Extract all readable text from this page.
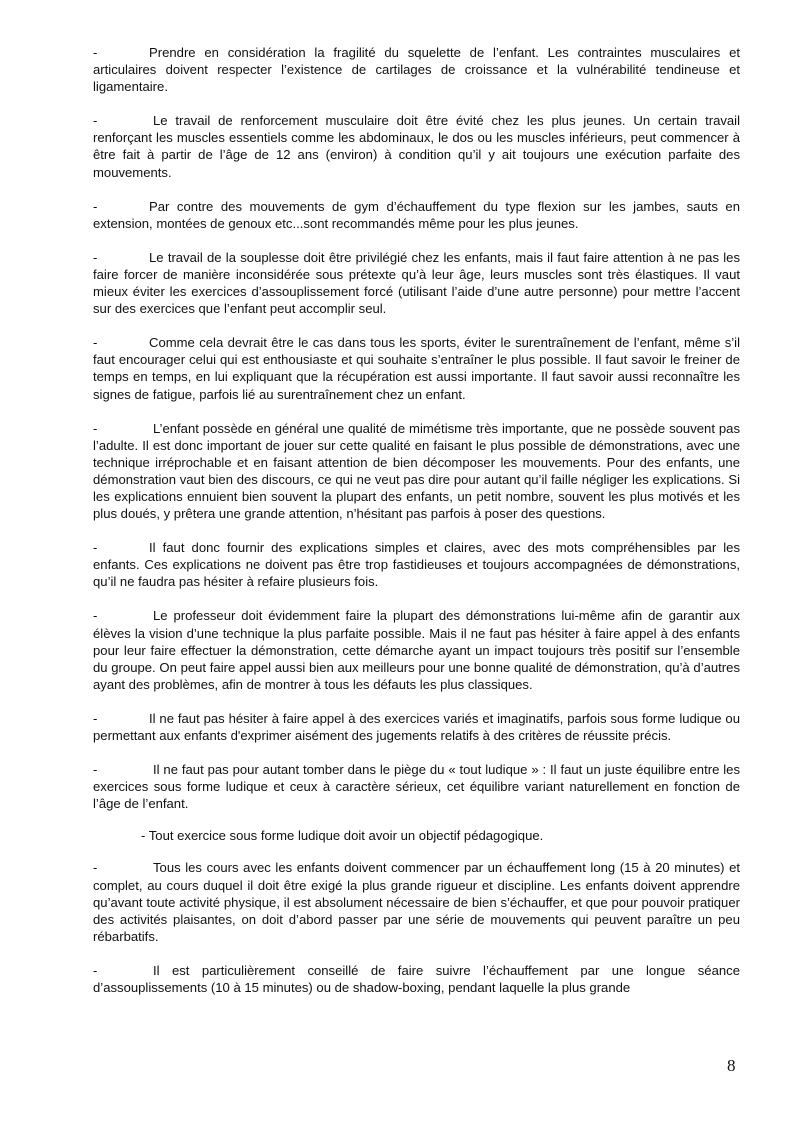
-	Prendre en considération la fragilité du squelette de l’enfant. Les contraintes musculaires et articulaires doivent respecter l’existence de cartilages de croissance et la vulnérabilité tendineuse et ligamentaire.

-	Le travail de renforcement musculaire doit être évité chez les plus jeunes. Un certain travail renforçant les muscles essentiels comme les abdominaux, le dos ou les muscles inférieurs, peut commencer à être fait à partir de l’âge de 12 ans (environ) à condition qu’il y ait toujours une exécution parfaite des mouvements.

-	Par contre des mouvements de gym d’échauffement du type flexion sur les jambes, sauts en extension, montées de genoux etc...sont recommandés même pour les plus jeunes.

-	Le travail de la souplesse doit être privilégié chez les enfants, mais il faut faire attention à ne pas les faire forcer de manière inconsidérée sous prétexte qu’à leur âge, leurs muscles sont très élastiques. Il vaut mieux éviter les exercices d’assouplissement forcé (utilisant l’aide d’une autre personne) pour mettre l’accent sur des exercices que l’enfant peut accomplir seul.

-	Comme cela devrait être le cas dans tous les sports, éviter le surentraînement de l’enfant, même s’il faut encourager celui qui est enthousiaste et qui souhaite s’entraîner le plus possible. Il faut savoir le freiner de temps en temps, en lui expliquant que la récupération est aussi importante. Il faut savoir aussi reconnaître les signes de fatigue, parfois lié au surentraînement chez un enfant.

-	L’enfant possède en général une qualité de mimétisme très importante, que ne possède souvent pas l’adulte. Il est donc important de jouer sur cette qualité en faisant le plus possible de démonstrations, avec une technique irréprochable et en faisant attention de bien décomposer les mouvements. Pour des enfants, une démonstration vaut bien des discours, ce qui ne veut pas dire pour autant qu’il faille négliger les explications. Si les explications ennuient bien souvent la plupart des enfants, un petit nombre, souvent les plus motivés et les plus doués, y prêtera une grande attention, n’hésitant pas parfois à poser des questions.

-	Il faut donc fournir des explications simples et claires, avec des mots compréhensibles par les enfants. Ces explications ne doivent pas être trop fastidieuses et toujours accompagnées de démonstrations, qu’il ne faudra pas hésiter à refaire plusieurs fois.

-	Le professeur doit évidemment faire la plupart des démonstrations lui-même afin de garantir aux élèves la vision d’une technique la plus parfaite possible. Mais il ne faut pas hésiter à faire appel à des enfants pour leur faire effectuer la démonstration, cette démarche ayant un impact toujours très positif sur l’ensemble du groupe. On peut faire appel aussi bien aux meilleurs pour une bonne qualité de démonstration, qu’à d’autres ayant des problèmes, afin de montrer à tous les défauts les plus classiques.

-	Il ne faut pas hésiter à faire appel à des exercices variés et imaginatifs, parfois sous forme ludique ou permettant aux enfants d'exprimer aisément des jugements relatifs à des critères de réussite précis.

-	Il ne faut pas pour autant tomber dans le piège du « tout ludique » : Il faut un juste équilibre entre les exercices sous forme ludique et ceux à caractère sérieux, cet équilibre variant naturellement en fonction de l’âge de l’enfant.

- Tout exercice sous forme ludique doit avoir un objectif pédagogique.

-	Tous les cours avec les enfants doivent commencer par un échauffement long (15 à 20 minutes) et complet, au cours duquel il doit être exigé la plus grande rigueur et discipline. Les enfants doivent apprendre qu’avant toute activité physique, il est absolument nécessaire de bien s’échauffer, et que pour pouvoir pratiquer des activités plaisantes, on doit d’abord passer par une série de mouvements qui peuvent paraître un peu rébarbatifs.

-	Il est particulièrement conseillé de faire suivre l’échauffement par une longue séance d’assouplissements (10 à 15 minutes) ou de shadow-boxing, pendant laquelle la plus grande

8
